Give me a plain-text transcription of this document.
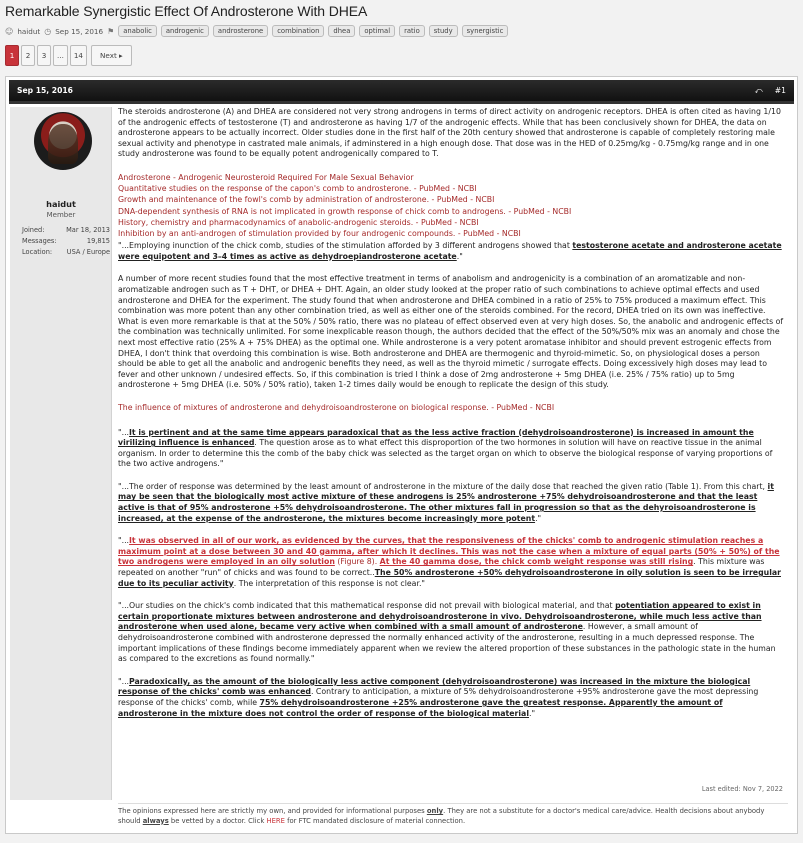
Remarkable Synergistic Effect Of Androsterone With DHEA
☺ haidut ◷ Sep 15, 2016 ⚑	anabolic	androgenic	androsterone	combination	dhea	optimal	ratio	study	synergistic
1	2	3	...	14	Next ▸
Sep 15, 2016	⤺ #1
haidut
Member
Joined:	Mar 18, 2013
Messages:	19,815
Location: USA / Europe

The steroids androsterone (A) and DHEA are considered not very strong androgens in terms of direct activity on androgenic receptors. DHEA is often cited as having 1/10 of the androgenic effects of testosterone (T) and androsterone as having 1/7 of the androgenic effects. While that has been conclusively shown for DHEA, the data on androsterone appears to be actually incorrect. Older studies done in the first half of the 20th century showed that androsterone is capable of completely restoring male sexual activity and phenotype in castrated male animals, if adminstered in a high enough dose. That dose was in the HED of 0.25mg/kg - 0.75mg/kg range and in one study androsterone was found to be equally potent androgenically compared to T.

Androsterone - Androgenic Neurosteroid Required For Male Sexual Behavior
Quantitative studies on the response of the capon's comb to androsterone. - PubMed - NCBI
Growth and maintenance of the fowl's comb by administration of androsterone. - PubMed - NCBI
DNA-dependent synthesis of RNA is not implicated in growth response of chick comb to androgens. - PubMed - NCBI
History, chemistry and pharmacodynamics of anabolic-androgenic steroids. - PubMed - NCBI
Inhibition by an anti-androgen of stimulation provided by four androgenic compounds. - PubMed - NCBI

"...Employing inunction of the chick comb, studies of the stimulation afforded by 3 different androgens showed that testosterone acetate and androsterone acetate were equipotent and 3–4 times as active as dehydroepiandrosterone acetate."

A number of more recent studies found that the most effective treatment in terms of anabolism and androgenicity is a combination of an aromatizable and non-aromatizable androgen such as T + DHT, or DHEA + DHT. Again, an older study looked at the proper ratio of such combinations to achieve optimal effects and used androsterone and DHEA for the experiment. The study found that when androsterone and DHEA combined in a ratio of 25% to 75% produced a maximum effect. This combination was more potent than any other combination tried, as well as either one of the steroids combined. For the record, DHEA tried on its own was ineffective. What is even more remarkable is that at the 50% / 50% ratio, there was no plateau of effect observed even at very high doses. So, the anabolic and androgenic effects of the combination was technically unlimited. For some inexplicable reason though, the authors decided that the effect of the 50%/50% mix was an anomaly and chose the next most effective ratio (25% A + 75% DHEA) as the optimal one. While androsterone is a very potent aromatase inhibitor and should prevent estrogenic effects from DHEA, I don't think that overdoing this combination is wise. Both androsterone and DHEA are thermogenic and thyroid-mimetic. So, on physiological doses a person should be able to get all the anabolic and androgenic benefits they need, as well as the thyroid mimetic / surrogate effects. Doing excessively high doses may lead to fever and other unknown / undesired effects. So, if this combination is tried I think a dose of 2mg androsterone + 5mg DHEA (i.e. 25% / 75% ratio) up to 5mg androsterone + 5mg DHEA (i.e. 50% / 50% ratio), taken 1-2 times daily would be enough to replicate the design of this study.

The influence of mixtures of androsterone and dehydroisoandrosterone on biological response. - PubMed - NCBI

"...It is pertinent and at the same time appears paradoxical that as the less active fraction (dehydroisoandrosterone) is increased in amount the virilizing influence is enhanced. The question arose as to what effect this disproportion of the two hormones in solution will have on reactive tissue in the animal organism. In order to determine this the comb of the baby chick was selected as the target organ on which to observe the biological response of varying proportions of the two active androgens."

"...The order of response was determined by the least amount of androsterone in the mixture of the daily dose that reached the given ratio (Table 1). From this chart, it may be seen that the biologically most active mixture of these androgens is 25% androsterone +75% dehydroisoandrosterone and that the least active is that of 95% androsterone +5% dehydroisoandrosterone. The other mixtures fall in progression so that as the dehyroisoandrosterone is increased, at the expense of the androsterone, the mixtures become increasingly more potent."

"...It was observed in all of our work, as evidenced by the curves, that the responsiveness of the chicks' comb to androgenic stimulation reaches a maximum point at a dose between 30 and 40 gamma, after which it declines. This was not the case when a mixture of equal parts (50% + 50%) of the two androgens were employed in an oily solution (Figure 8). At the 40 gamma dose, the chick comb weight response was still rising. This mixture was repeated on another "run" of chicks and was found to be correct..The 50% androsterone +50% dehydroisoandrosterone in oily solution is seen to be irregular due to its peculiar activity. The interpretation of this response is not clear."

"...Our studies on the chick's comb indicated that this mathematical response did not prevail with biological material, and that potentiation appeared to exist in certain proportionate mixtures between androsterone and dehydroisoandrosterone in vivo. Dehydroisoandrosterone, while much less active than androsterone when used alone, became very active when combined with a small amount of androsterone. However, a small amount of dehydroisoandrosterone combined with androsterone depressed the normally enhanced activity of the androsterone, resulting in a much depressed response. The important implications of these findings become immediately apparent when we review the altered proportion of these substances in the pathologic state in the human as compared to the excretions as found normally."

"...Paradoxically, as the amount of the biologically less active component (dehydroisoandrosterone) was increased in the mixture the biological response of the chicks' comb was enhanced. Contrary to anticipation, a mixture of 5% dehydroisoandrosterone +95% androsterone gave the most depressing response of the chicks' comb, while 75% dehydroisoandrosterone +25% androsterone gave the greatest response. Apparently the amount of androsterone in the mixture does not control the order of response of the biological material."

Last edited: Nov 7, 2022
The opinions expressed here are strictly my own, and provided for informational purposes only. They are not a substitute for a doctor's medical care/advice. Health decisions about anybody should always be vetted by a doctor. Click HERE for FTC mandated disclosure of material connection.
